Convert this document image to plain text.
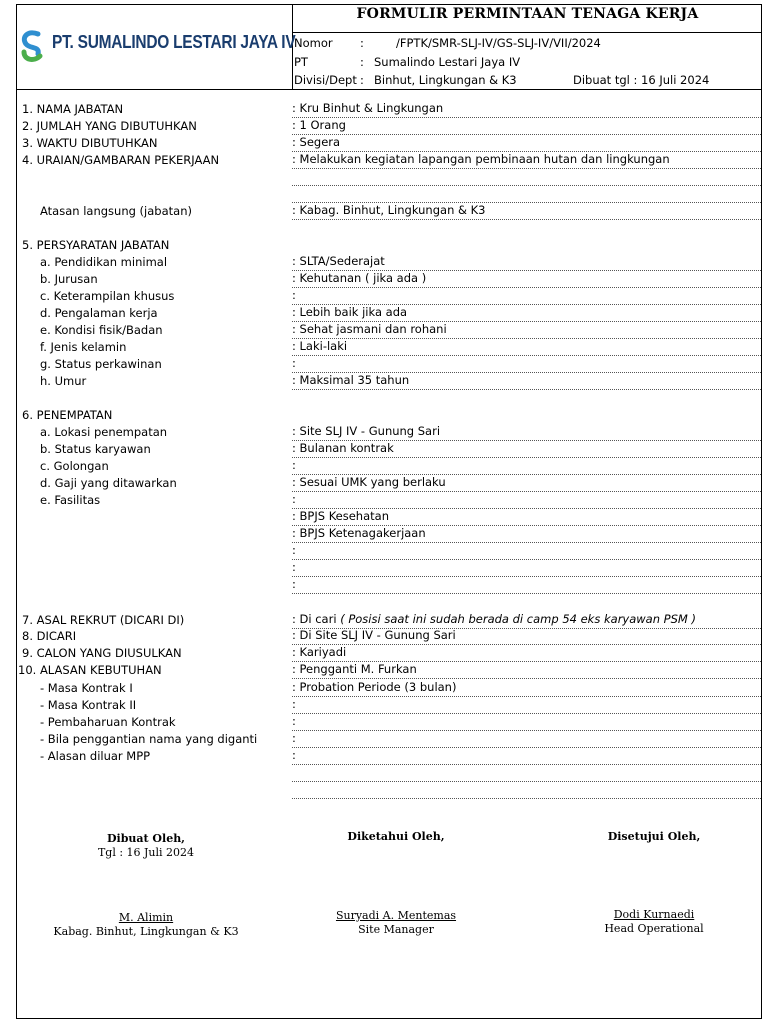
PT. SUMALINDO LESTARI JAYA IV
FORMULIR PERMINTAAN TENAGA KERJA
Nomor :	/FPTK/SMR-SLJ-IV/GS-SLJ-IV/VII/2024
PT	: Sumalindo Lestari Jaya IV
Divisi/Dept : Binhut, Lingkungan & K3	Dibuat tgl : 16 Juli 2024
1. NAMA JABATAN	: Kru Binhut & Lingkungan
2. JUMLAH YANG DIBUTUHKAN	: 1 Orang
3. WAKTU DIBUTUHKAN	: Segera
4. URAIAN/GAMBARAN PEKERJAAN	: Melakukan kegiatan lapangan pembinaan hutan dan lingkungan
Atasan langsung (jabatan)	: Kabag. Binhut, Lingkungan & K3
5. PERSYARATAN JABATAN
a. Pendidikan minimal	: SLTA/Sederajat
b. Jurusan	: Kehutanan ( jika ada )
c. Keterampilan khusus	:
d. Pengalaman kerja	: Lebih baik jika ada
e. Kondisi fisik/Badan	: Sehat jasmani dan rohani
f. Jenis kelamin	: Laki-laki
g. Status perkawinan	:
h. Umur	: Maksimal 35 tahun
6. PENEMPATAN
a. Lokasi penempatan	: Site SLJ IV - Gunung Sari
b. Status karyawan	: Bulanan kontrak
c. Golongan	:
d. Gaji yang ditawarkan	: Sesuai UMK yang berlaku
e. Fasilitas	:
: BPJS Kesehatan
: BPJS Ketenagakerjaan
:
:
:
7. ASAL REKRUT (DICARI DI)	: Di cari ( Posisi saat ini sudah berada di camp 54 eks karyawan PSM )
8. DICARI	: Di Site SLJ IV - Gunung Sari
9. CALON YANG DIUSULKAN	: Kariyadi
10. ALASAN KEBUTUHAN	: Pengganti M. Furkan
- Masa Kontrak I	: Probation Periode (3 bulan)
- Masa Kontrak II	:
- Pembaharuan Kontrak	:
- Bila penggantian nama yang diganti	:
- Alasan diluar MPP	:
Dibuat Oleh,
Tgl : 16 Juli 2024
Diketahui Oleh,	Disetujui Oleh,
M. Alimin
Kabag. Binhut, Lingkungan & K3
Suryadi A. Mentemas
Site Manager
Dodi Kurnaedi
Head Operational
